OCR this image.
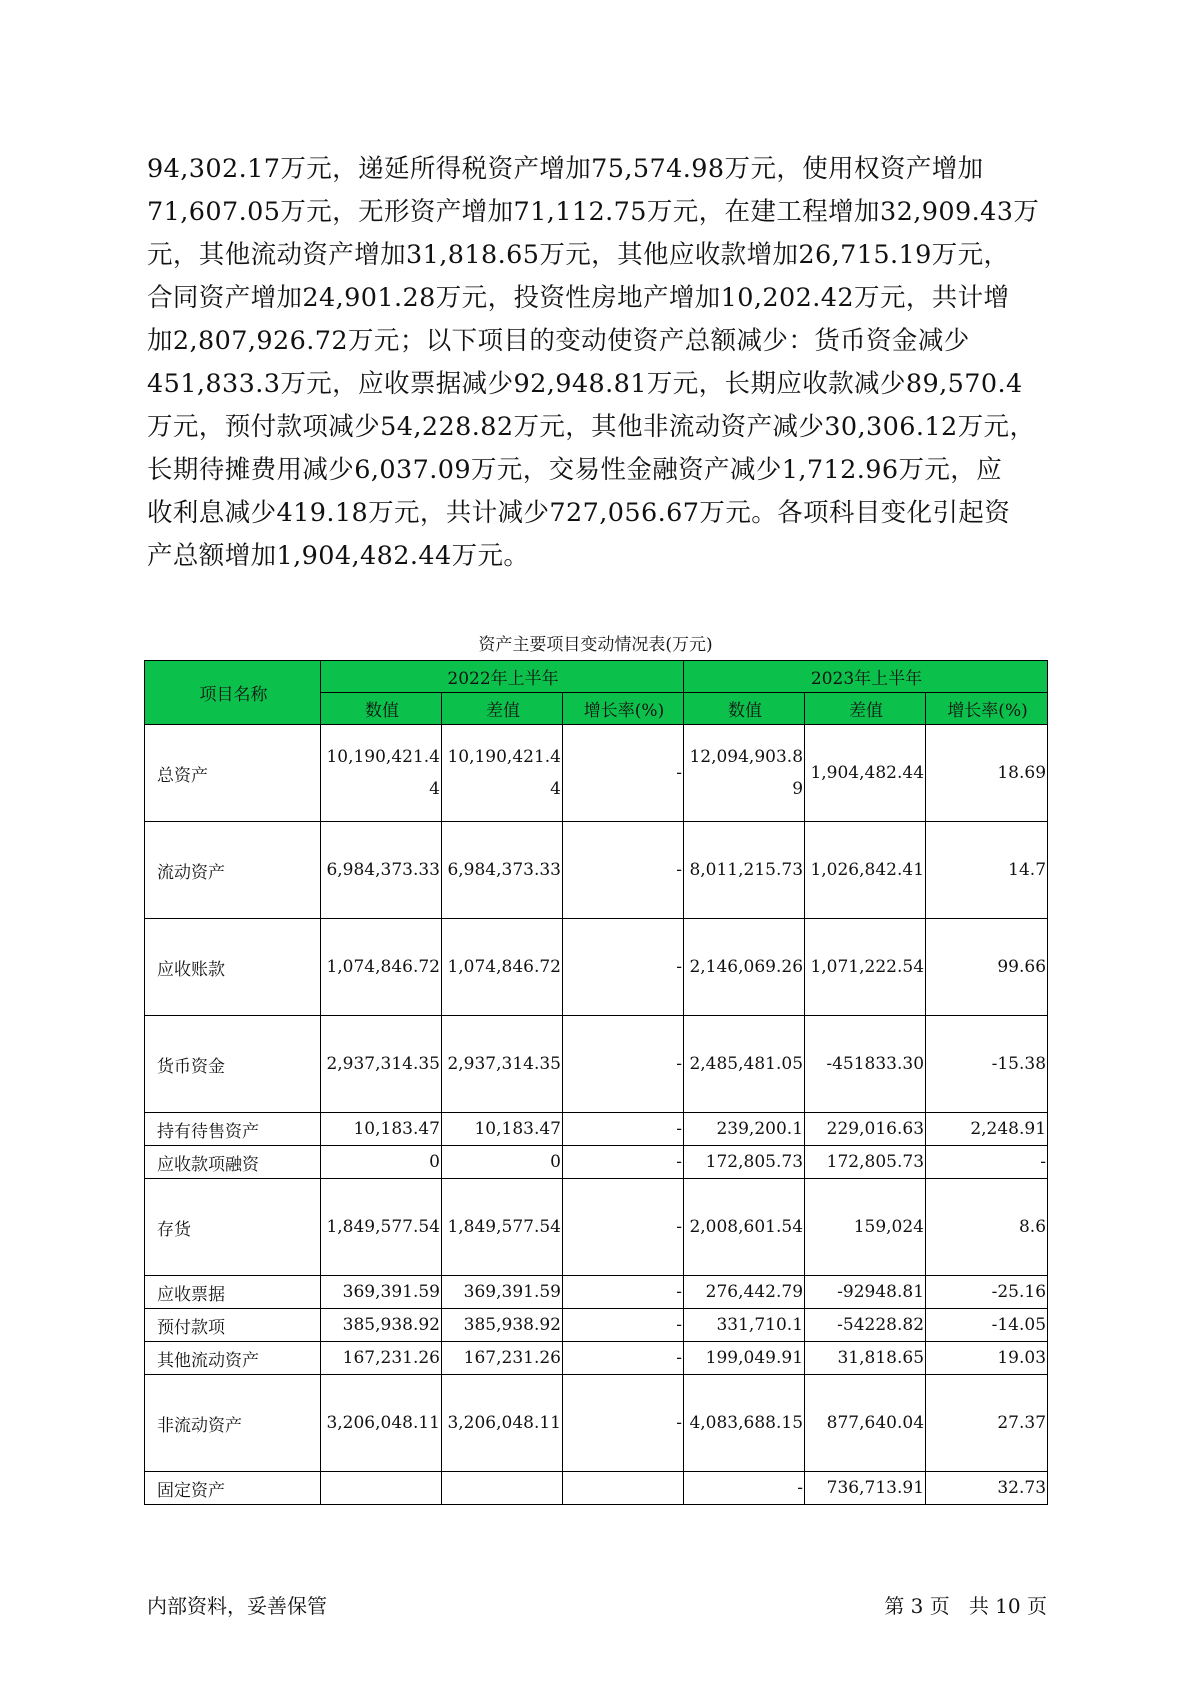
94,302.17万元，递延所得税资产增加75,574.98万元，使用权资产增加
71,607.05万元，无形资产增加71,112.75万元，在建工程增加32,909.43万
元，其他流动资产增加31,818.65万元，其他应收款增加26,715.19万元，
合同资产增加24,901.28万元，投资性房地产增加10,202.42万元，共计增
加2,807,926.72万元；以下项目的变动使资产总额减少：货币资金减少
451,833.3万元，应收票据减少92,948.81万元，长期应收款减少89,570.4
万元，预付款项减少54,228.82万元，其他非流动资产减少30,306.12万元，
长期待摊费用减少6,037.09万元，交易性金融资产减少1,712.96万元，应
收利息减少419.18万元，共计减少727,056.67万元。各项科目变化引起资
产总额增加1,904,482.44万元。
资产主要项目变动情况表(万元)
项目名称	2022年上半年			2023年上半年		
	数值	差值	增长率(%)	数值	差值	增长率(%)
总资产	10,190,421.44	10,190,421.44	-	12,094,903.89	1,904,482.44	18.69

流动资产	6,984,373.33	6,984,373.33	-	8,011,215.73	1,026,842.41	14.7

应收账款	1,074,846.72	1,074,846.72	-	2,146,069.26	1,071,222.54	99.66

货币资金	2,937,314.35	2,937,314.35	-	2,485,481.05	-451833.30	-15.38

持有待售资产	10,183.47	10,183.47	-	239,200.1	229,016.63	2,248.91

应收款项融资	0	0	-	172,805.73	172,805.73	-

存货	1,849,577.54	1,849,577.54	-	2,008,601.54	159,024	8.6

应收票据	369,391.59	369,391.59	-	276,442.79	-92948.81	-25.16

预付款项	385,938.92	385,938.92	-	331,710.1	-54228.82	-14.05

其他流动资产	167,231.26	167,231.26	-	199,049.91	31,818.65	19.03

非流动资产	3,206,048.11	3,206,048.11	-	4,083,688.15	877,640.04	27.37

固定资产				-	736,713.91	32.73
内部资料，妥善保管	第 3 页   共 10 页
